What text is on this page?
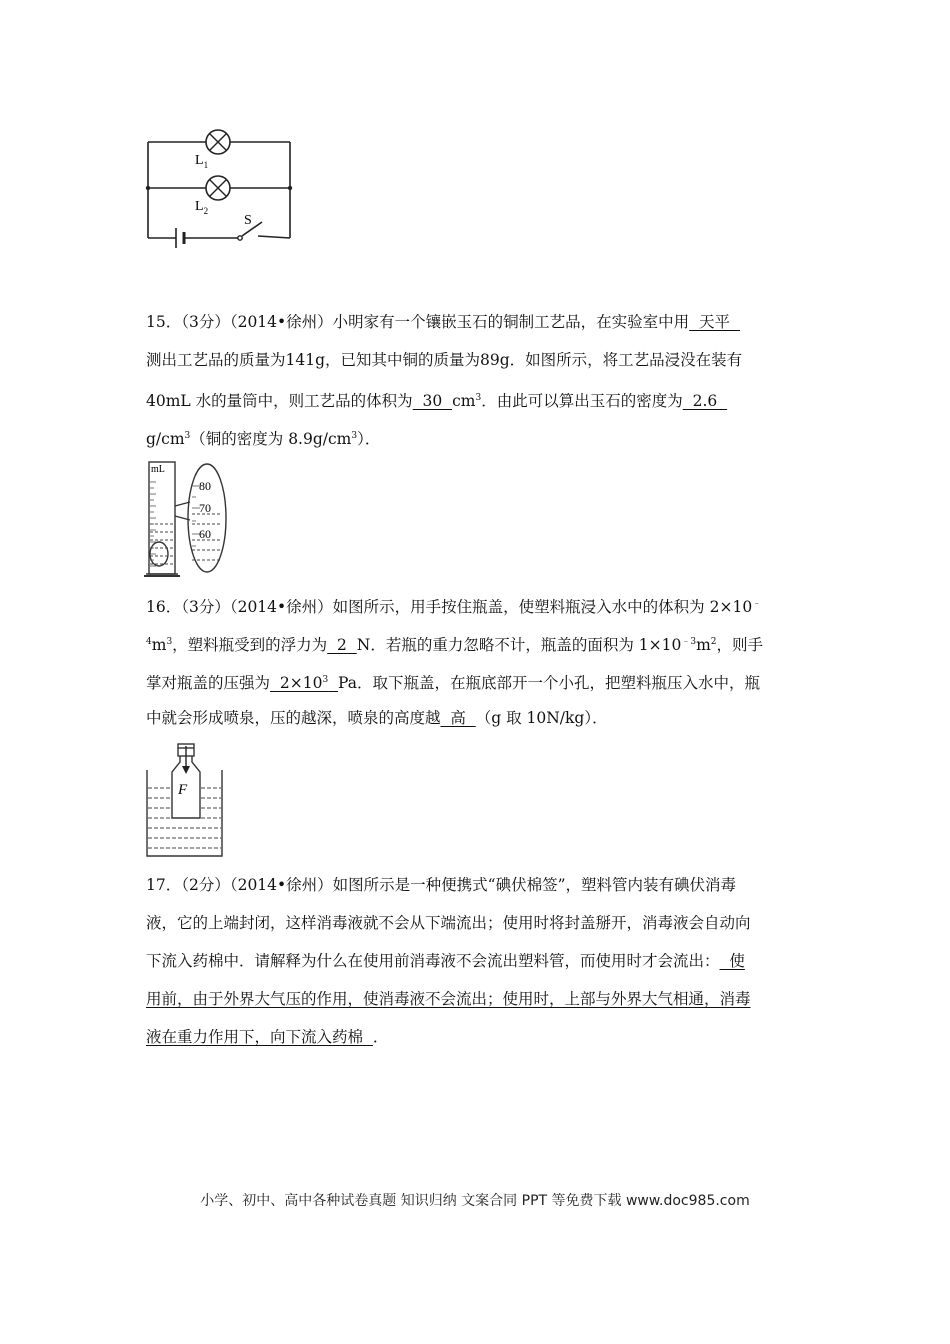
$L_1$
$L_2$
S
15．（3分）（2014•徐州）小明家有一个镶嵌玉石的铜制工艺品，在实验室中用  天平
测出工艺品的质量为141g，已知其中铜的质量为89g．如图所示，将工艺品浸没在装有
40mL 水的量筒中，则工艺品的体积为  30  $cm^3$．由此可以算出玉石的密度为  2.6
$g/cm^3$（铜的密度为 $8.9g/cm^3$）．
mL
80
70
60
16．（3分）（2014•徐州）如图所示，用手按住瓶盖，使塑料瓶浸入水中的体积为 2×10﹣
$^4m^3$，塑料瓶受到的浮力为  2  N．若瓶的重力忽略不计，瓶盖的面积为 $1\times 10^{﹣3}m^2$，则手
掌对瓶盖的压强为  $2\times 10^3$ Pa．取下瓶盖，在瓶底部开一个小孔，把塑料瓶压入水中，瓶
中就会形成喷泉，压的越深，喷泉的高度越  高  （g 取 10N/kg）．
F
17．（2分）（2014•徐州）如图所示是一种便携式“碘伏棉签”，塑料管内装有碘伏消毒
液，它的上端封闭，这样消毒液就不会从下端流出；使用时将封盖掰开，消毒液会自动向
下流入药棉中．请解释为什么在使用前消毒液不会流出塑料管，而使用时才会流出：  使
用前，由于外界大气压的作用，使消毒液不会流出；使用时，上部与外界大气相通，消毒
液在重力作用下，向下流入药棉  ．
小学、初中、高中各种试卷真题 知识归纳 文案合同 PPT 等免费下载 www.doc985.com
